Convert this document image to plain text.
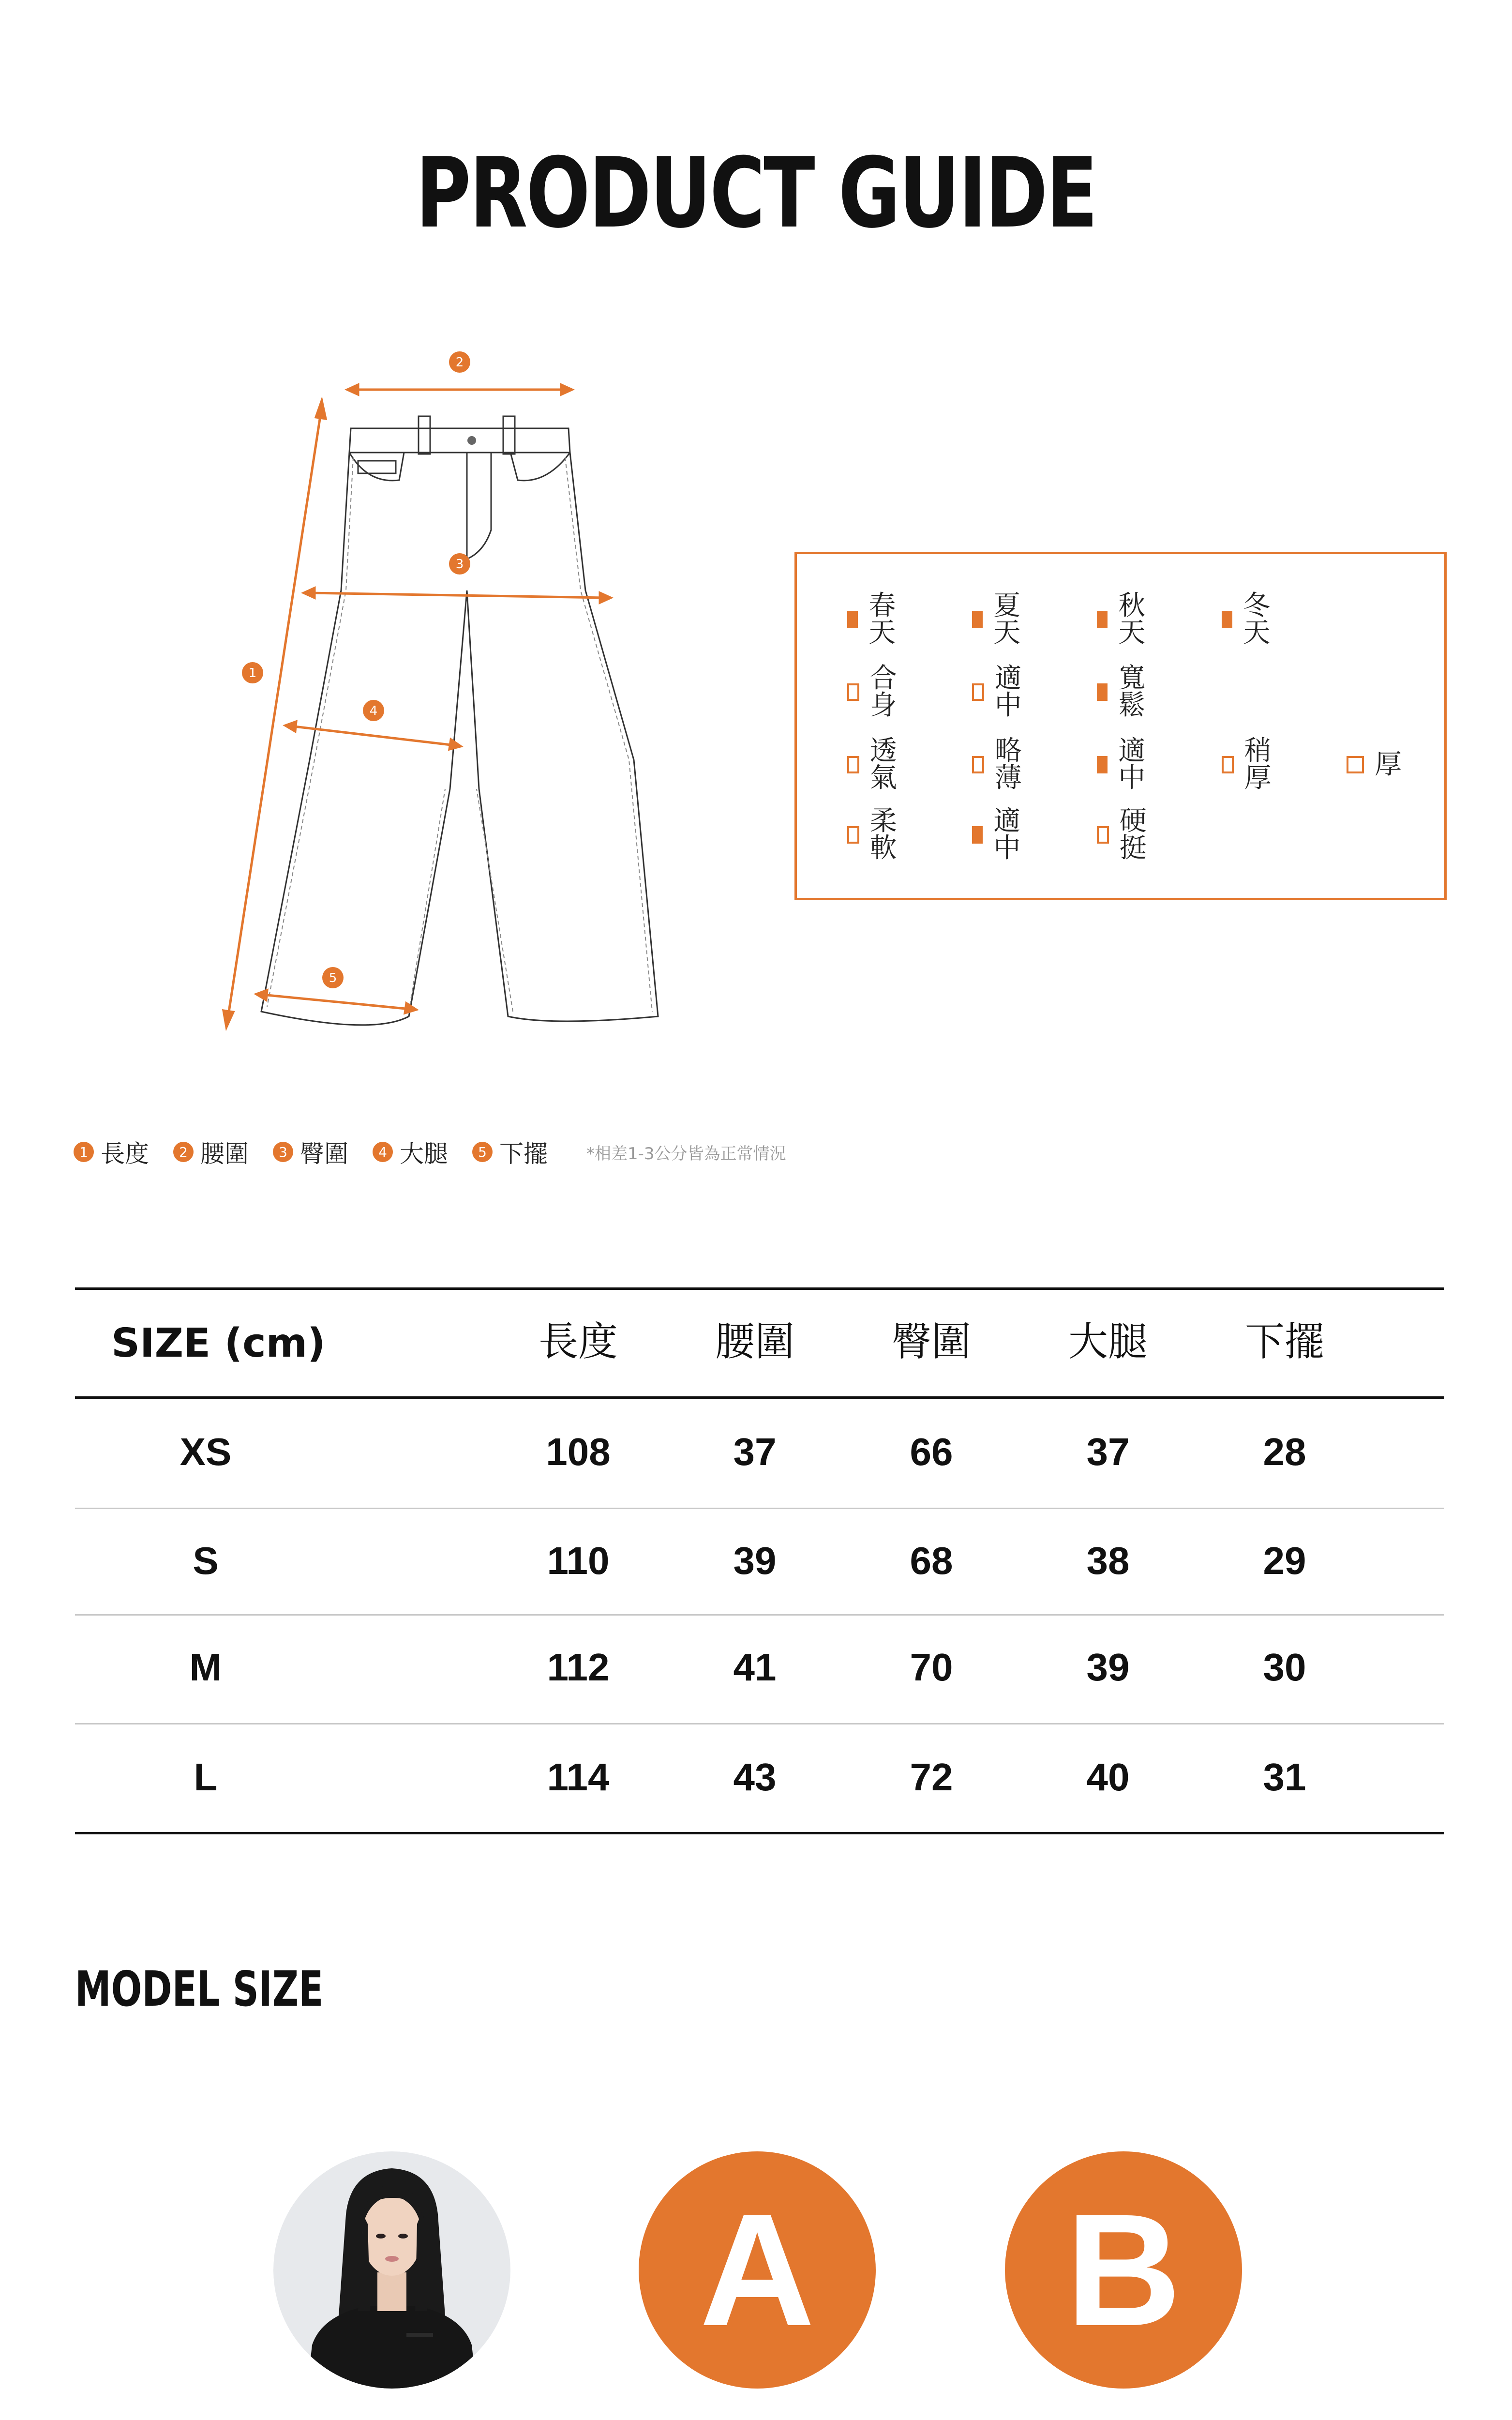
PRODUCT GUIDE
1
2
3
4
5
春天
夏天
秋天
冬天
合身
適中
寬鬆
透氣
略薄
適中
稍厚	厚
柔軟
適中
硬挺
1 長度	2 腰圍	3 臀圍	4 大腿	5 下擺 *相差1-3公分皆為正常情況
SIZE (cm)	長度	腰圍	臀圍	大腿	下擺
XS	108	37	66	37	28
S	110	39	68	38	29
M	112	41	70	39	30
L	114	43	72	40	31
MODEL SIZE
A B
